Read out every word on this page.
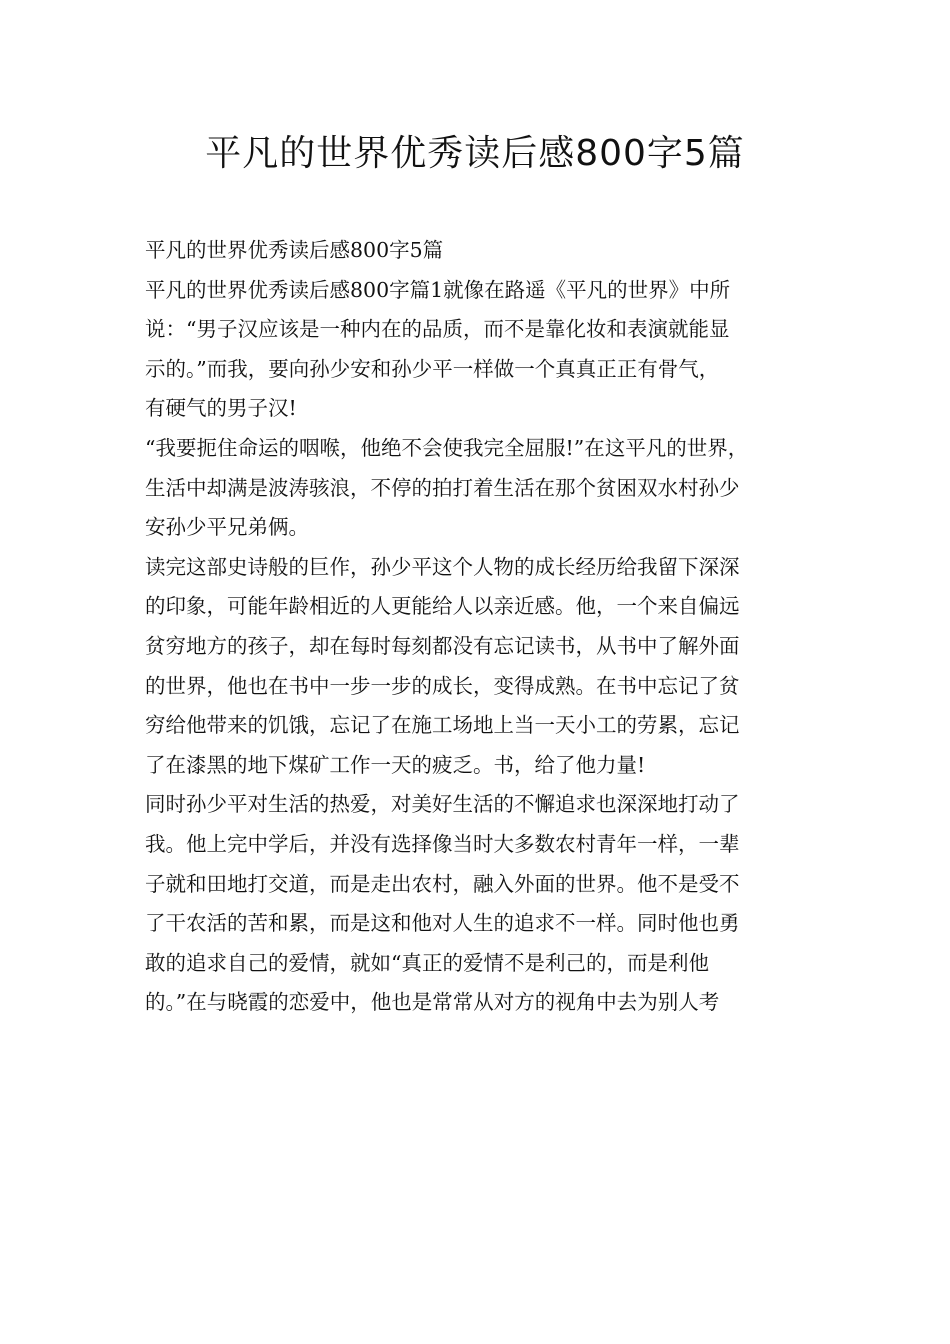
平凡的世界优秀读后感800字5篇
平凡的世界优秀读后感800字5篇
平凡的世界优秀读后感800字篇1就像在路遥《平凡的世界》中所
说：“男子汉应该是一种内在的品质，而不是靠化妆和表演就能显
示的。”而我，要向孙少安和孙少平一样做一个真真正正有骨气，
有硬气的男子汉!
“我要扼住命运的咽喉，他绝不会使我完全屈服!”在这平凡的世界，
生活中却满是波涛骇浪，不停的拍打着生活在那个贫困双水村孙少
安孙少平兄弟俩。
读完这部史诗般的巨作，孙少平这个人物的成长经历给我留下深深
的印象，可能年龄相近的人更能给人以亲近感。他，一个来自偏远
贫穷地方的孩子，却在每时每刻都没有忘记读书，从书中了解外面
的世界，他也在书中一步一步的成长，变得成熟。在书中忘记了贫
穷给他带来的饥饿，忘记了在施工场地上当一天小工的劳累，忘记
了在漆黑的地下煤矿工作一天的疲乏。书，给了他力量!
同时孙少平对生活的热爱，对美好生活的不懈追求也深深地打动了
我。他上完中学后，并没有选择像当时大多数农村青年一样，一辈
子就和田地打交道，而是走出农村，融入外面的世界。他不是受不
了干农活的苦和累，而是这和他对人生的追求不一样。同时他也勇
敢的追求自己的爱情，就如“真正的爱情不是利己的，而是利他
的。”在与晓霞的恋爱中，他也是常常从对方的视角中去为别人考
